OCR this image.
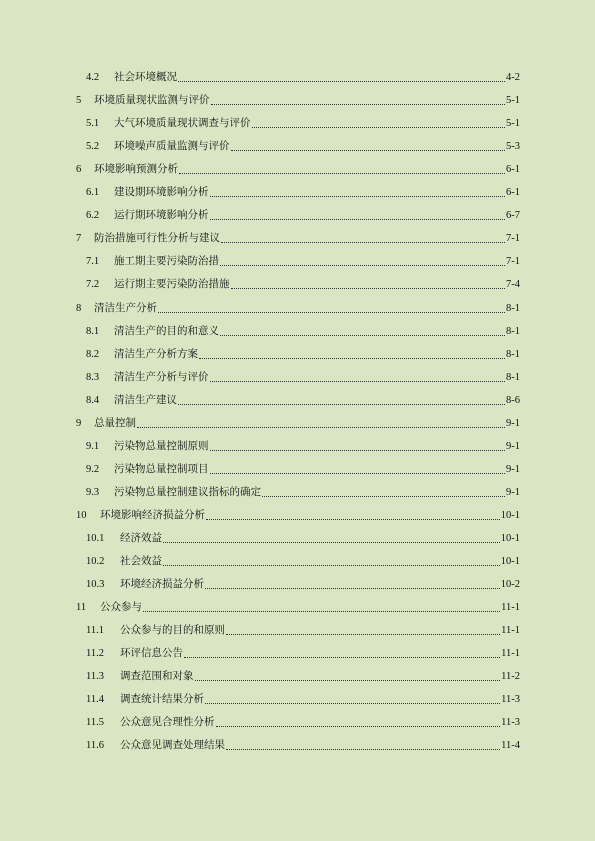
4.2 社会环境概况	4-2
5 环境质量现状监测与评价	5-1
5.1 大气环境质量现状调查与评价	5-1
5.2 环境噪声质量监测与评价	5-3
6 环境影响预测分析	6-1
6.1 建设期环境影响分析	6-1
6.2 运行期环境影响分析	6-7
7 防治措施可行性分析与建议	7-1
7.1 施工期主要污染防治措	7-1
7.2 运行期主要污染防治措施	7-4
8 清洁生产分析	8-1
8.1 清洁生产的目的和意义	8-1
8.2 清洁生产分析方案	8-1
8.3 清洁生产分析与评价	8-1
8.4 清洁生产建议	8-6
9 总量控制	9-1
9.1 污染物总量控制原则	9-1
9.2 污染物总量控制项目	9-1
9.3 污染物总量控制建议指标的确定	9-1
10 环境影响经济损益分析	10-1
10.1 经济效益	10-1
10.2 社会效益	10-1
10.3 环境经济损益分析	10-2
11 公众参与	11-1
11.1 公众参与的目的和原则	11-1
11.2 环评信息公告	11-1
11.3 调查范围和对象	11-2
11.4 调查统计结果分析	11-3
11.5 公众意见合理性分析	11-3
11.6 公众意见调查处理结果	11-4
